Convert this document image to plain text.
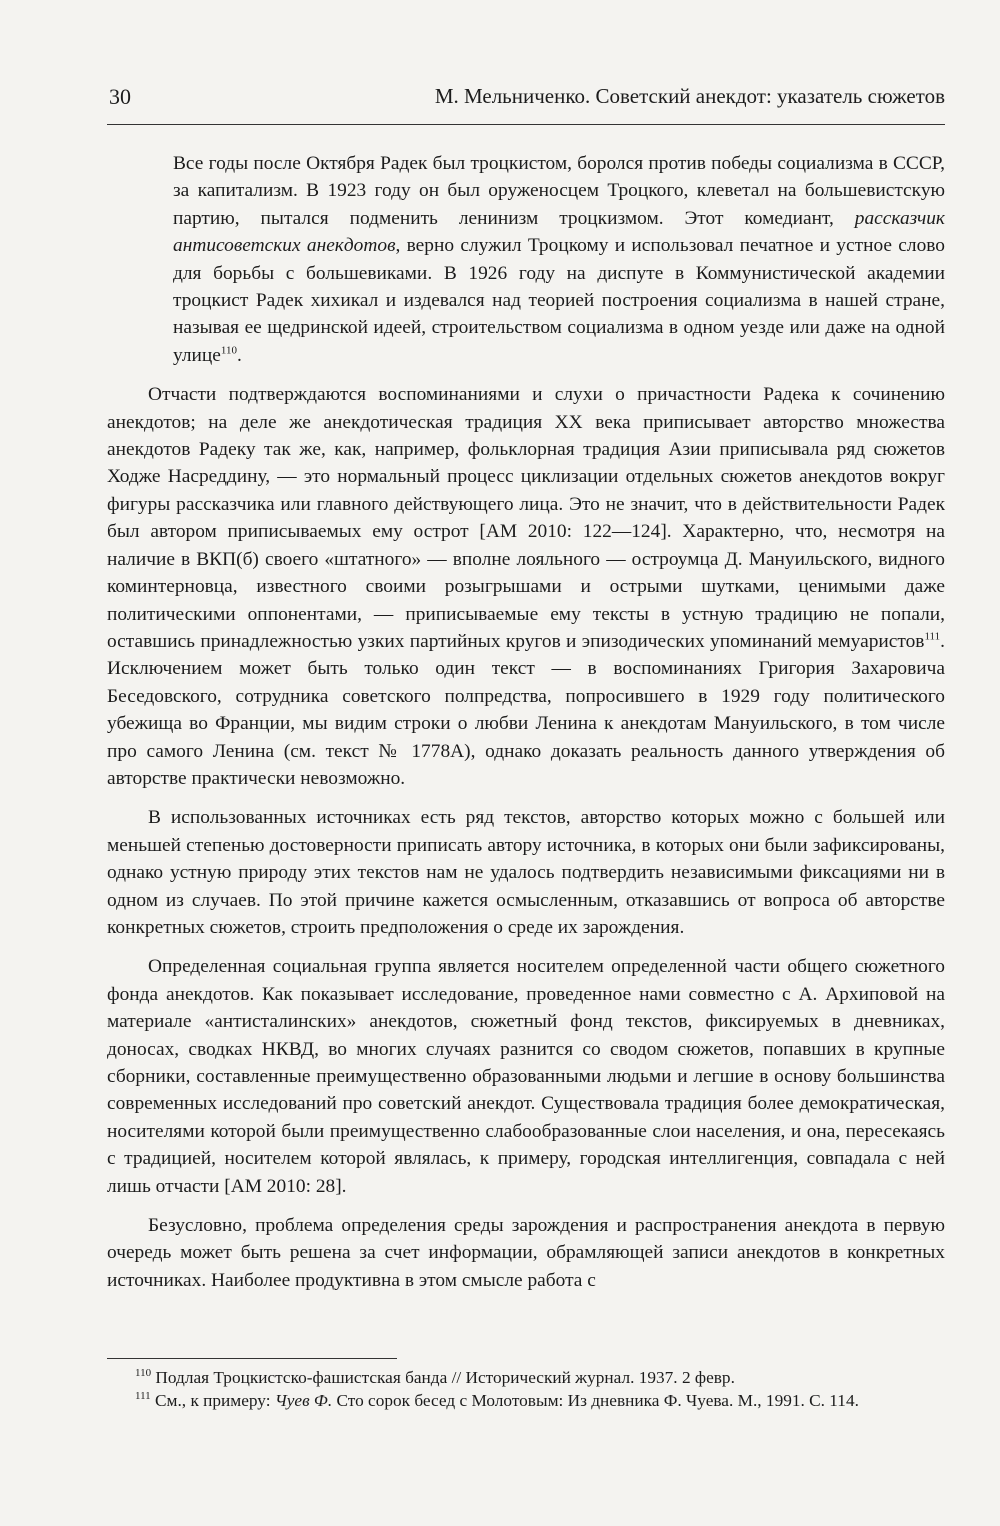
30	М. Мельниченко. Советский анекдот: указатель сюжетов

Все годы после Октября Радек был троцкистом, боролся против победы социализма в СССР, за капитализм. В 1923 году он был оруженосцем Троцкого, клеветал на большевистскую партию, пытался подменить ленинизм троцкизмом. Этот комедиант, рассказчик антисоветских анекдотов, верно служил Троцкому и использовал печатное и устное слово для борьбы с большевиками. В 1926 году на диспуте в Коммунистической академии троцкист Радек хихикал и издевался над теорией построения социализма в нашей стране, называя ее щедринской идеей, строительством социализма в одном уезде или даже на одной улице$^{110}$.

Отчасти подтверждаются воспоминаниями и слухи о причастности Радека к сочинению анекдотов; на деле же анекдотическая традиция XX века приписывает авторство множества анекдотов Радеку так же, как, например, фольклорная традиция Азии приписывала ряд сюжетов Ходже Насреддину, — это нормальный процесс циклизации отдельных сюжетов анекдотов вокруг фигуры рассказчика или главного действующего лица. Это не значит, что в действительности Радек был автором приписываемых ему острот [АМ 2010: 122—124]. Характерно, что, несмотря на наличие в ВКП(б) своего «штатного» — вполне лояльного — остроумца Д. Мануильского, видного коминтерновца, известного своими розыгрышами и острыми шутками, ценимыми даже политическими оппонентами, — приписываемые ему тексты в устную традицию не попали, оставшись принадлежностью узких партийных кругов и эпизодических упоминаний мемуаристов$^{111}$. Исключением может быть только один текст — в воспоминаниях Григория Захаровича Беседовского, сотрудника советского полпредства, попросившего в 1929 году политического убежища во Франции, мы видим строки о любви Ленина к анекдотам Мануильского, в том числе про самого Ленина (см. текст № 1778А), однако доказать реальность данного утверждения об авторстве практически невозможно.

В использованных источниках есть ряд текстов, авторство которых можно с большей или меньшей степенью достоверности приписать автору источника, в которых они были зафиксированы, однако устную природу этих текстов нам не удалось подтвердить независимыми фиксациями ни в одном из случаев. По этой причине кажется осмысленным, отказавшись от вопроса об авторстве конкретных сюжетов, строить предположения о среде их зарождения.

Определенная социальная группа является носителем определенной части общего сюжетного фонда анекдотов. Как показывает исследование, проведенное нами совместно с А. Архиповой на материале «антисталинских» анекдотов, сюжетный фонд текстов, фиксируемых в дневниках, доносах, сводках НКВД, во многих случаях разнится со сводом сюжетов, попавших в крупные сборники, составленные преимущественно образованными людьми и легшие в основу большинства современных исследований про советский анекдот. Существовала традиция более демократическая, носителями которой были преимущественно слабообразованные слои населения, и она, пересекаясь с традицией, носителем которой являлась, к примеру, городская интеллигенция, совпадала с ней лишь отчасти [АМ 2010: 28].

Безусловно, проблема определения среды зарождения и распространения анекдота в первую очередь может быть решена за счет информации, обрамляющей записи анекдотов в конкретных источниках. Наиболее продуктивна в этом смысле работа с

$^{110}$ Подлая Троцкистско-фашистская банда // Исторический журнал. 1937. 2 февр.

$^{111}$ См., к примеру: Чуев Ф. Сто сорок бесед с Молотовым: Из дневника Ф. Чуева. М., 1991. С. 114.
